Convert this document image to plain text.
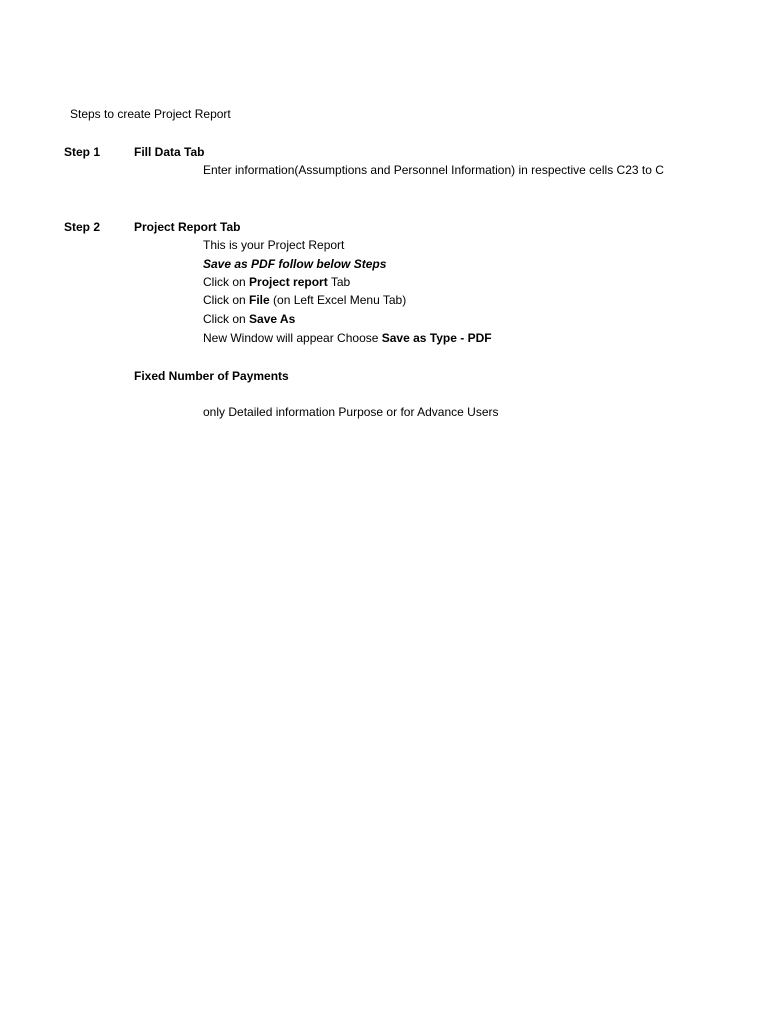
Steps to create Project Report
Step 1	Fill Data Tab
Enter information(Assumptions and Personnel Information) in respective cells C23 to C
Step 2	Project Report Tab
This is your Project Report
Save as PDF follow below Steps
Click on Project report Tab
Click on File (on Left Excel Menu Tab)
Click on Save As
New Window will appear Choose Save as Type - PDF
Fixed Number of Payments
only Detailed information Purpose or for Advance Users
